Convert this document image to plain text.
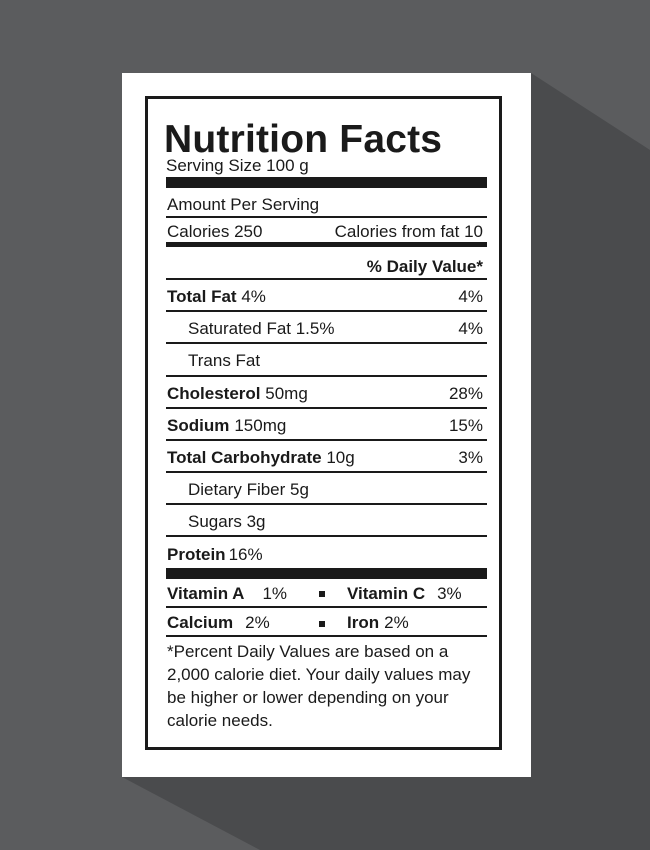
Nutrition Facts
Serving Size 100 g
Amount Per Serving
Calories 250	Calories from fat 10
% Daily Value*
Total Fat 4%	4%
Saturated Fat 1.5%	4%
Trans Fat
Cholesterol 50mg	28%
Sodium 150mg	15%
Total Carbohydrate 10g	3%
Dietary Fiber 5g
Sugars 3g
Protein 16%
Vitamin A 1%	Vitamin C 3%
Calcium 2%	Iron 2%
*Percent Daily Values are based on a 2,000 calorie diet. Your daily values may be higher or lower depending on your calorie needs.
